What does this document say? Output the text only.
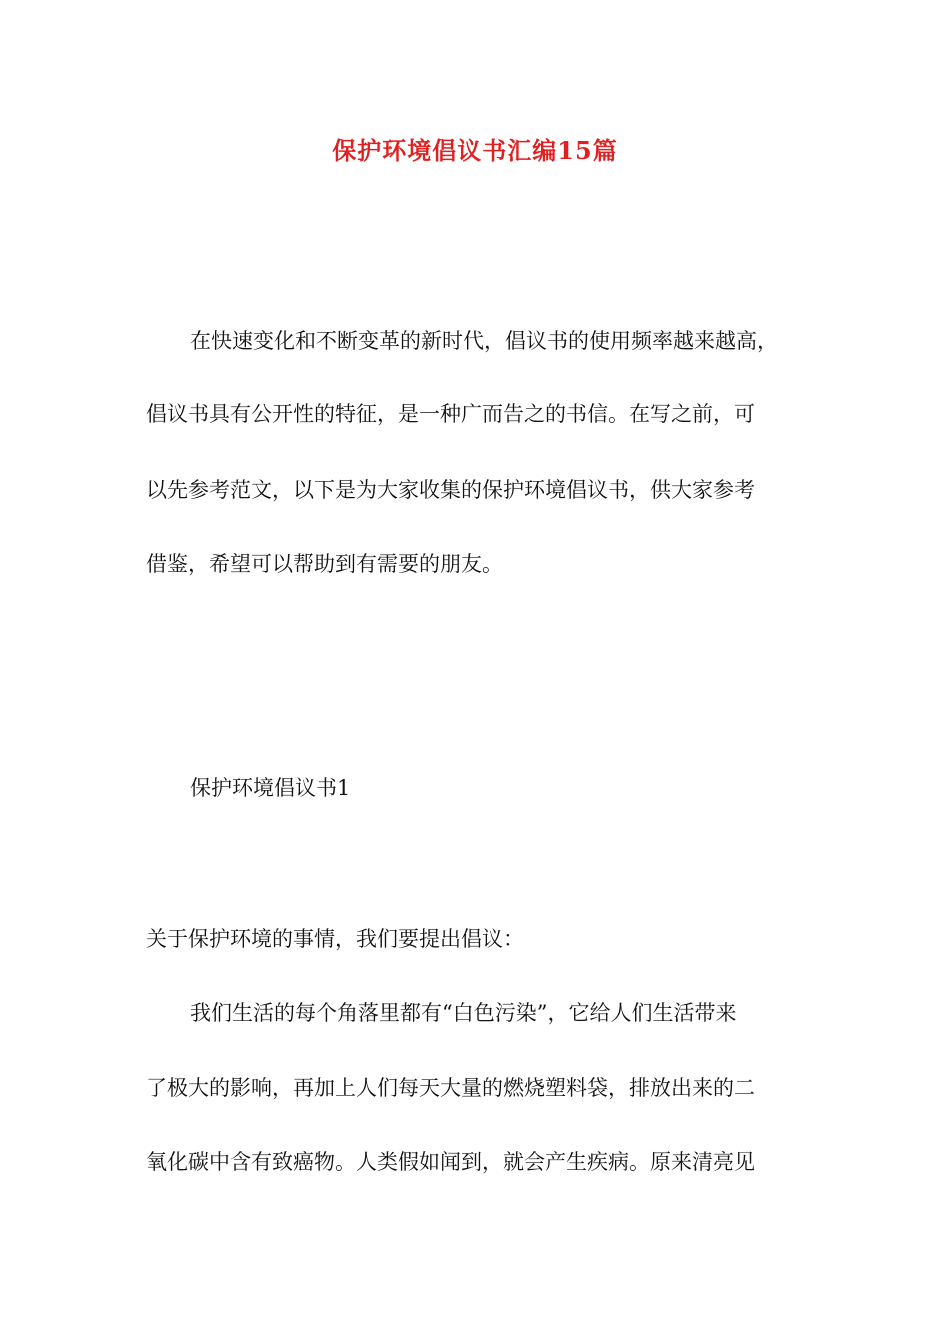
保护环境倡议书汇编15篇
在快速变化和不断变革的新时代，倡议书的使用频率越来越高，
倡议书具有公开性的特征，是一种广而告之的书信。在写之前，可
以先参考范文，以下是为大家收集的保护环境倡议书，供大家参考
借鉴，希望可以帮助到有需要的朋友。
保护环境倡议书1
关于保护环境的事情，我们要提出倡议：
我们生活的每个角落里都有“白色污染”，它给人们生活带来
了极大的影响，再加上人们每天大量的燃烧塑料袋，排放出来的二
氧化碳中含有致癌物。人类假如闻到，就会产生疾病。原来清亮见
